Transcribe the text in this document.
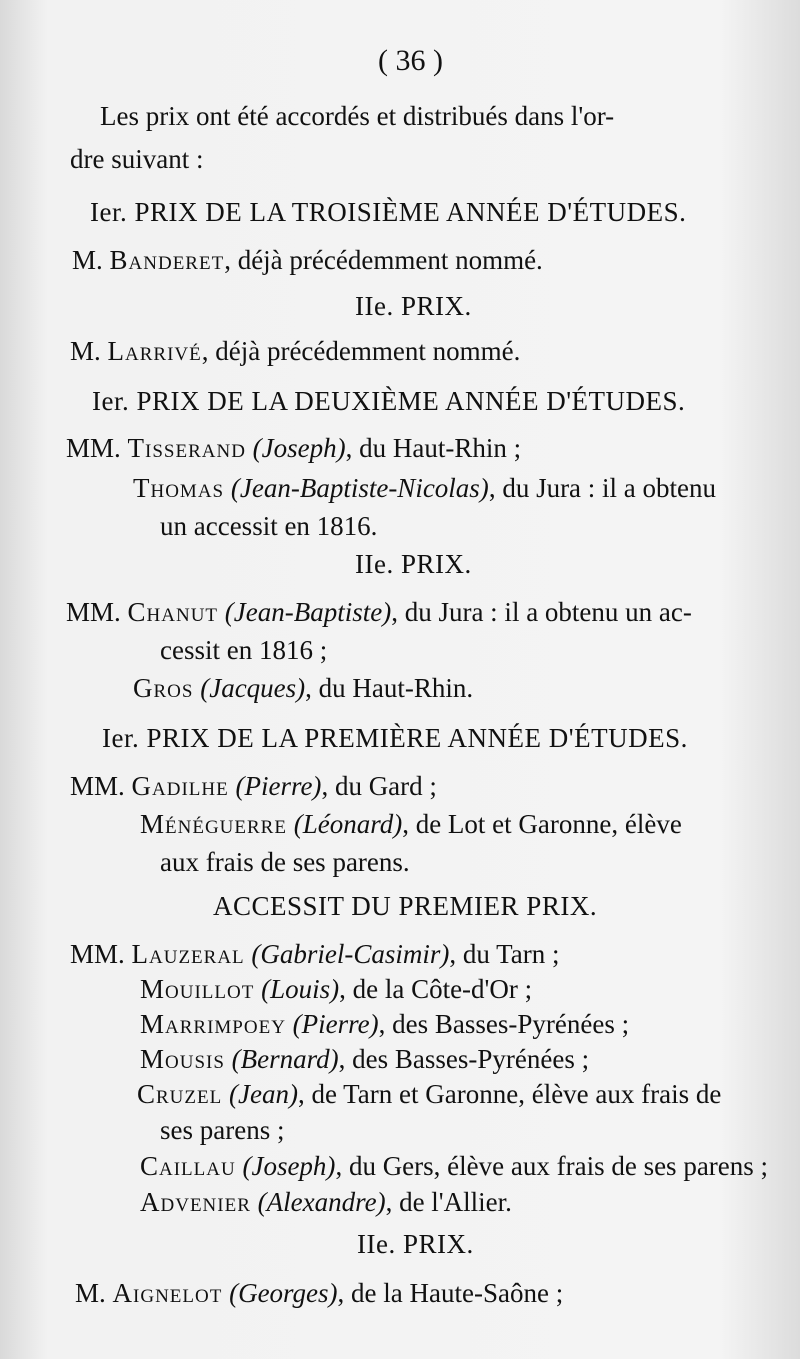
( 36 )
Les prix ont été accordés et distribués dans l'or-
dre suivant :
Ier. PRIX DE LA TROISIÈME ANNÉE D'ÉTUDES.
M. Banderet, déjà précédemment nommé.
IIe. PRIX.
M. Larrivé, déjà précédemment nommé.
Ier. PRIX DE LA DEUXIÈME ANNÉE D'ÉTUDES.
MM. Tisserand (Joseph), du Haut-Rhin ;
Thomas (Jean-Baptiste-Nicolas), du Jura : il a obtenu
un accessit en 1816.
IIe. PRIX.
MM. Chanut (Jean-Baptiste), du Jura : il a obtenu un ac-
cessit en 1816 ;
Gros (Jacques), du Haut-Rhin.
Ier. PRIX DE LA PREMIÈRE ANNÉE D'ÉTUDES.
MM. Gadilhe (Pierre), du Gard ;
Ménéguerre (Léonard), de Lot et Garonne, élève
aux frais de ses parens.
ACCESSIT DU PREMIER PRIX.
MM. Lauzeral (Gabriel-Casimir), du Tarn ;
Mouillot (Louis), de la Côte-d'Or ;
Marrimpoey (Pierre), des Basses-Pyrénées ;
Mousis (Bernard), des Basses-Pyrénées ;
Cruzel (Jean), de Tarn et Garonne, élève aux frais de
ses parens ;
Caillau (Joseph), du Gers, élève aux frais de ses parens ;
Advenier (Alexandre), de l'Allier.
IIe. PRIX.
M. Aignelot (Georges), de la Haute-Saône ;
